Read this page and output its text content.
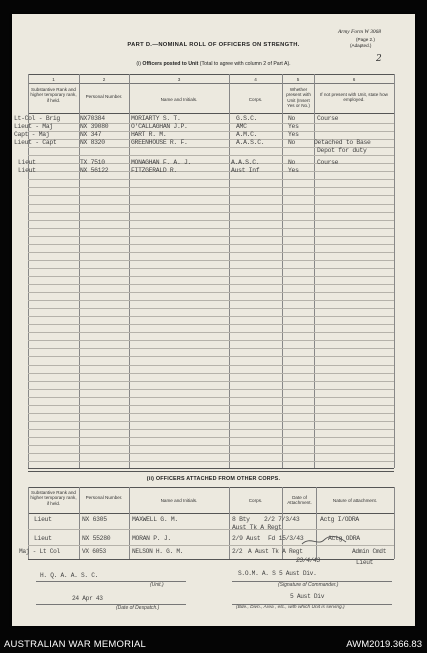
Army Form W 3068
(Page 2.)
(Adapted.)
2
PART D.—NOMINAL ROLL OF OFFICERS ON STRENGTH.
(i) Officers posted to Unit (Total to agree with column 2 of Part A).
1	2	3	4	5	6
Substantive Rank and higher temporary rank, if held.
Personal Number.
Name and Initials.	Corps.
Whether present with Unit (Insert Yes or No.)
If not present with Unit, state how employed.
Lt-Col - Brig	NX70384	MORIARTY S. T.	G.S.C.	No	Course
Lieut - Maj	NX 39080	O'CALLAGHAN J.P.	AMC	Yes
Capt - Maj	NX 347	HART R. M.	A.M.C.	Yes
Lieut - Capt	NX 8320	GREENHOUSE R. F.	A.A.S.C.	No	Detached to Base
Depot for duty
Lieut	TX 7510	MONAGHAN F. A. J.	A.A.S.C.	No	Course
Lieut	NX 56122	FITZGERALD R.	Aust Inf	Yes
(ii) OFFICERS ATTACHED FROM OTHER CORPS.
Substantive Rank and higher temporary rank, if held.
Personal Number.
Name and Initials.	Corps.
Date of Attachment.	Nature of attachment.
Lieut	NX 6305	MAXWELL G. M.	8 Bty 2/2 7/3/43	Actg I/ODRA
Aust Tk A Regt
Lieut	NX 55280	MORAN P. J.	2/9 Aust Fd 15/3/43	Actg ODRA
Maj - Lt Col	VX 6053	NELSON H. G. M.	2/2 A Aust Tk A Regt	Admin Cmdt
Lieut
23/4/43
H. Q. A. A. S. C.
(Unit.)
S.O.M. A. S 5 Aust Div.
(Signature of Commander.)
24 Apr 43
(Date of Despatch.)
5 Aust Div
(Bde., Divn., Area , etc., with which Unit is serving.)
AUSTRALIAN WAR MEMORIAL	AWM2019.366.83
